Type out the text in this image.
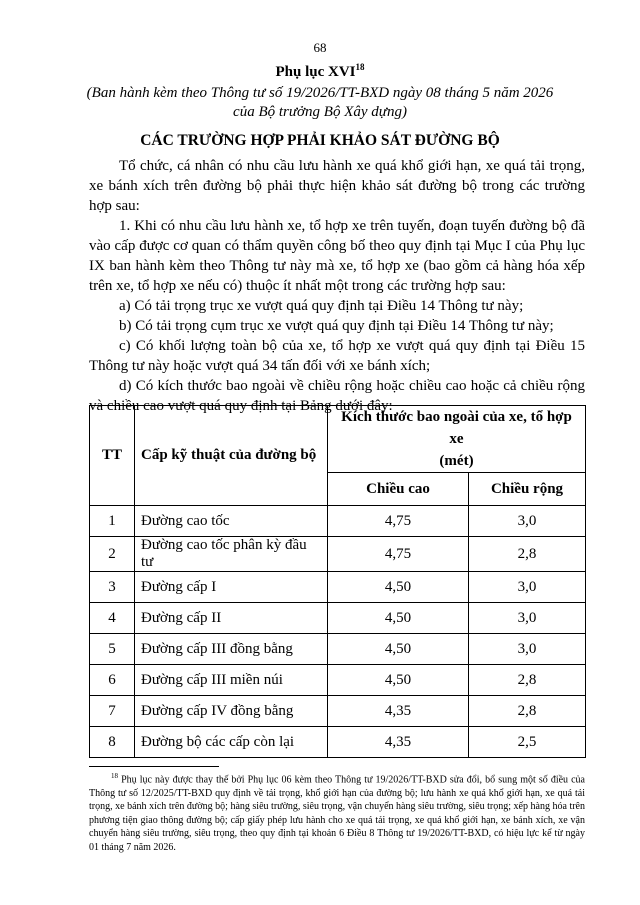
68
Phụ lục XVI$^{18}$
(Ban hành kèm theo Thông tư số 19/2026/TT-BXD ngày 08 tháng 5 năm 2026
của Bộ trưởng Bộ Xây dựng)
CÁC TRƯỜNG HỢP PHẢI KHẢO SÁT ĐƯỜNG BỘ

Tổ chức, cá nhân có nhu cầu lưu hành xe quá khổ giới hạn, xe quá tải trọng, xe bánh xích trên đường bộ phải thực hiện khảo sát đường bộ trong các trường hợp sau:

1. Khi có nhu cầu lưu hành xe, tổ hợp xe trên tuyến, đoạn tuyến đường bộ đã vào cấp được cơ quan có thẩm quyền công bố theo quy định tại Mục I của Phụ lục IX ban hành kèm theo Thông tư này mà xe, tổ hợp xe (bao gồm cả hàng hóa xếp trên xe, tổ hợp xe nếu có) thuộc ít nhất một trong các trường hợp sau:

a) Có tải trọng trục xe vượt quá quy định tại Điều 14 Thông tư này;

b) Có tải trọng cụm trục xe vượt quá quy định tại Điều 14 Thông tư này;

c) Có khối lượng toàn bộ của xe, tổ hợp xe vượt quá quy định tại Điều 15 Thông tư này hoặc vượt quá 34 tấn đối với xe bánh xích;

d) Có kích thước bao ngoài về chiều rộng hoặc chiều cao hoặc cả chiều rộng và chiều cao vượt quá quy định tại Bảng dưới đây:

TT	Cấp kỹ thuật của đường bộ	Kích thước bao ngoài của xe, tổ hợp xe
(mét)	

		Chiều cao	Chiều rộng
1	Đường cao tốc	4,75	3,0
2	Đường cao tốc phân kỳ đầu tư	4,75	2,8
3	Đường cấp I	4,50	3,0
4	Đường cấp II	4,50	3,0
5	Đường cấp III đồng bằng	4,50	3,0
6	Đường cấp III miền núi	4,50	2,8
7	Đường cấp IV đồng bằng	4,35	2,8
8	Đường bộ các cấp còn lại	4,35	2,5
$^{18}$ Phụ lục này được thay thế bởi Phụ lục 06 kèm theo Thông tư 19/2026/TT-BXD sửa đổi, bổ sung một số điều của Thông tư số 12/2025/TT-BXD quy định về tải trọng, khổ giới hạn của đường bộ; lưu hành xe quá khổ giới hạn, xe quá tải trọng, xe bánh xích trên đường bộ; hàng siêu trường, siêu trọng, vận chuyển hàng siêu trường, siêu trọng; xếp hàng hóa trên phương tiện giao thông đường bộ; cấp giấy phép lưu hành cho xe quá tải trọng, xe quá khổ giới hạn, xe bánh xích, xe vận chuyển hàng siêu trường, siêu trọng, theo quy định tại khoản 6 Điều 8 Thông tư 19/2026/TT-BXD, có hiệu lực kể từ ngày 01 tháng 7 năm 2026.
